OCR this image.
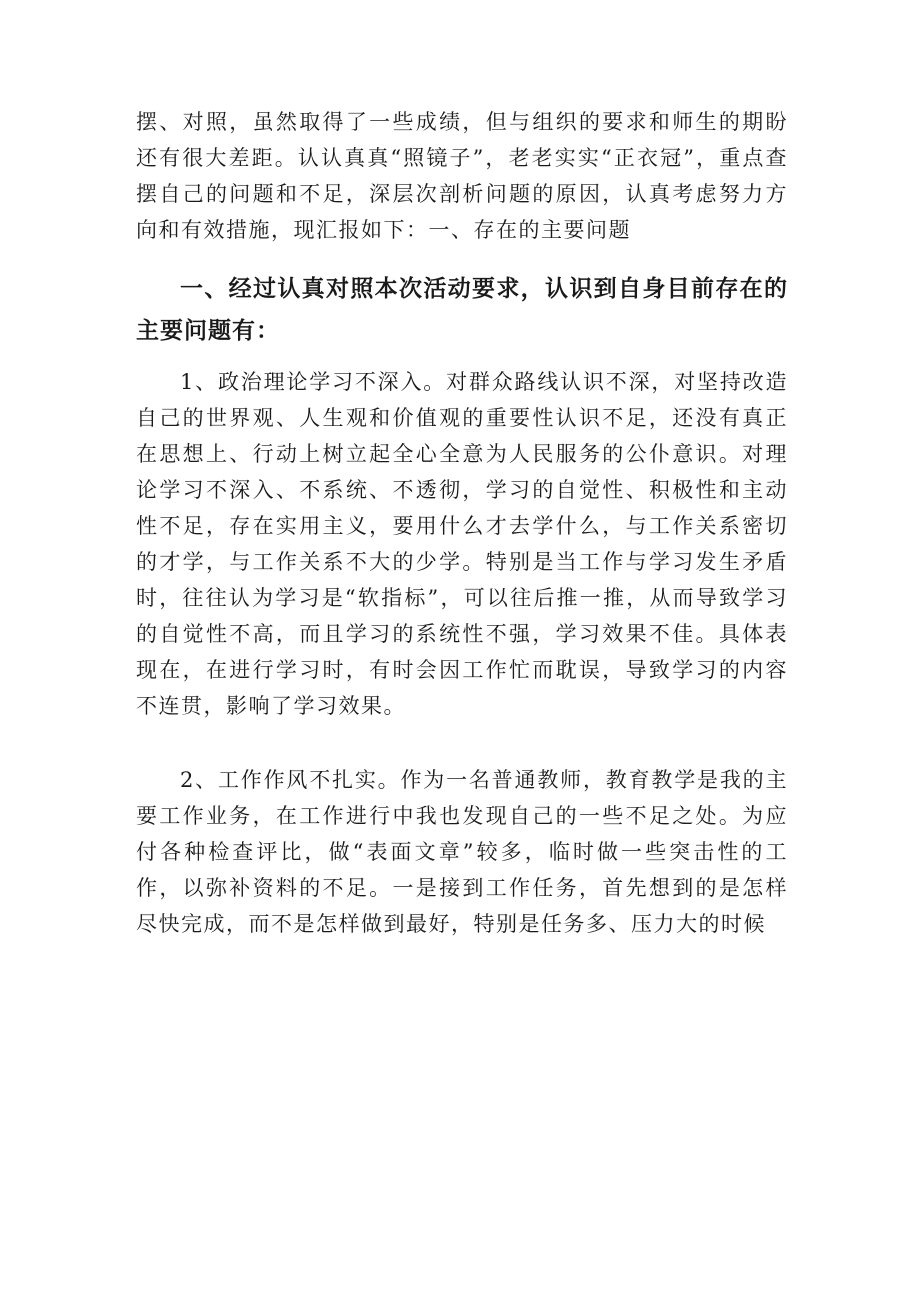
摆、对照，虽然取得了一些成绩，但与组织的要求和师生的期盼还有很大差距。认认真真“照镜子”，老老实实“正衣冠”，重点查摆自己的问题和不足，深层次剖析问题的原因，认真考虑努力方向和有效措施，现汇报如下：一、存在的主要问题

一、经过认真对照本次活动要求，认识到自身目前存在的主要问题有：

1、政治理论学习不深入。对群众路线认识不深，对坚持改造自己的世界观、人生观和价值观的重要性认识不足，还没有真正在思想上、行动上树立起全心全意为人民服务的公仆意识。对理论学习不深入、不系统、不透彻，学习的自觉性、积极性和主动性不足，存在实用主义，要用什么才去学什么，与工作关系密切的才学，与工作关系不大的少学。特别是当工作与学习发生矛盾时，往往认为学习是“软指标”，可以往后推一推，从而导致学习的自觉性不高，而且学习的系统性不强，学习效果不佳。具体表现在，在进行学习时，有时会因工作忙而耽误，导致学习的内容不连贯，影响了学习效果。

2、工作作风不扎实。作为一名普通教师，教育教学是我的主要工作业务，在工作进行中我也发现自己的一些不足之处。为应付各种检查评比，做“表面文章”较多，临时做一些突击性的工作，以弥补资料的不足。一是接到工作任务，首先想到的是怎样尽快完成，而不是怎样做到最好，特别是任务多、压力大的时候
